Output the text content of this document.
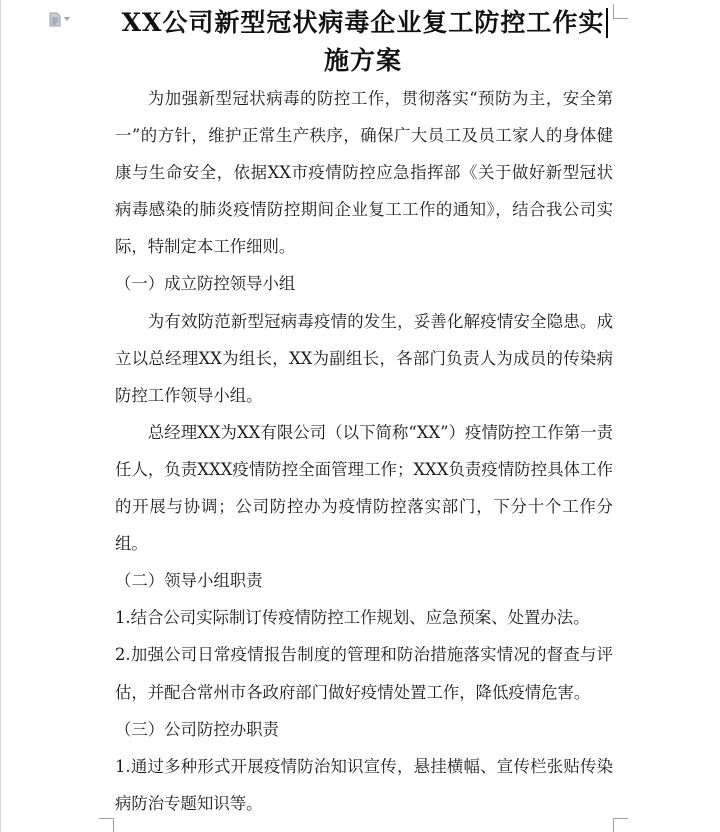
XX公司新型冠状病毒企业复工防控工作实施方案

为加强新型冠状病毒的防控工作，贯彻落实“预防为主，安全第一”的方针，维护正常生产秩序，确保广大员工及员工家人的身体健康与生命安全，依据XX市疫情防控应急指挥部《关于做好新型冠状病毒感染的肺炎疫情防控期间企业复工工作的通知》，结合我公司实际，特制定本工作细则。

（一）成立防控领导小组

为有效防范新型冠病毒疫情的发生，妥善化解疫情安全隐患。成立以总经理XX为组长，XX为副组长，各部门负责人为成员的传染病防控工作领导小组。

总经理XX为XX有限公司（以下简称“XX”）疫情防控工作第一责任人，负责XXX疫情防控全面管理工作；XXX负责疫情防控具体工作的开展与协调；公司防控办为疫情防控落实部门，下分十个工作分组。

（二）领导小组职责

1.结合公司实际制订传疫情防控工作规划、应急预案、处置办法。

2.加强公司日常疫情报告制度的管理和防治措施落实情况的督查与评估，并配合常州市各政府部门做好疫情处置工作，降低疫情危害。

（三）公司防控办职责

1.通过多种形式开展疫情防治知识宣传，悬挂横幅、宣传栏张贴传染病防治专题知识等。
